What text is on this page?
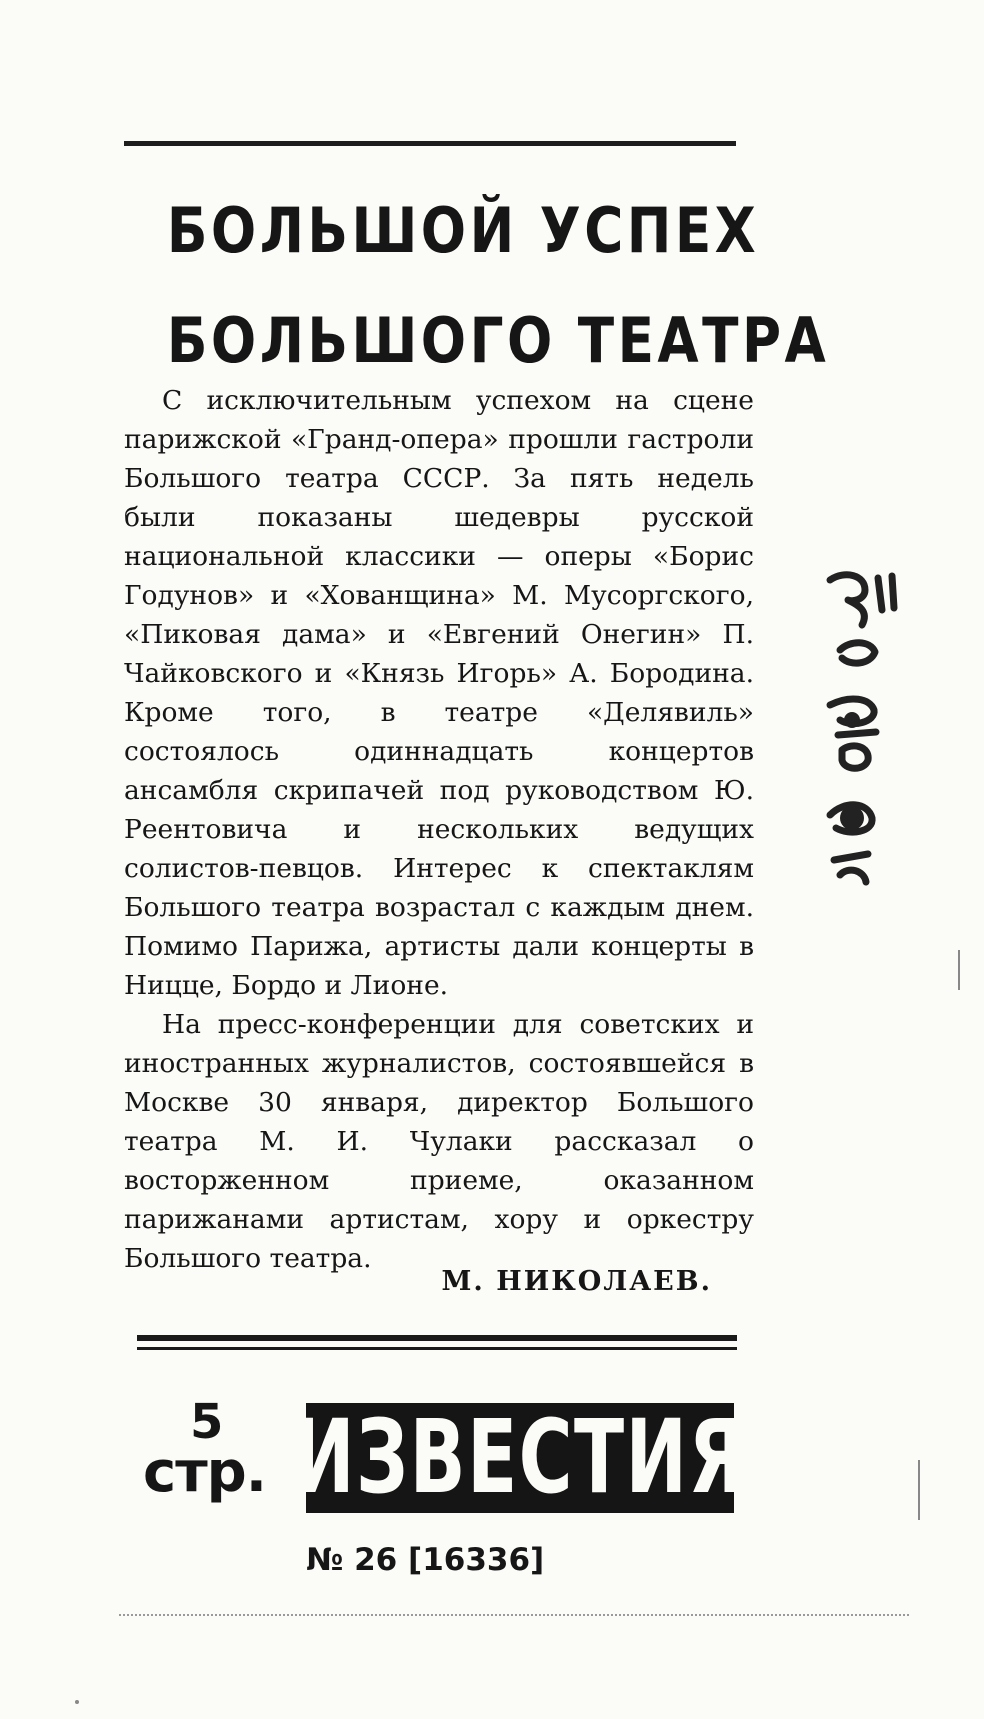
БОЛЬШОЙ УСПЕХ
БОЛЬШОГО ТЕАТРА

С исключительным успехом на сцене парижской «Гранд-опера» прошли гастроли Большого театра СССР. За пять недель были показаны шедевры русской национальной классики — оперы «Борис Годунов» и «Хованщина» М. Мусоргского, «Пиковая дама» и «Евгений Онегин» П. Чайковского и «Князь Игорь» А. Бородина. Кроме того, в театре «Делявиль» состоялось одиннадцать концертов ансамбля скрипачей под руководством Ю. Реентовича и нескольких ведущих солистов-певцов. Интерес к спектаклям Большого театра возрастал с каждым днем. Помимо Парижа, артисты дали концерты в Ницце, Бордо и Лионе.

На пресс-конференции для советских и иностранных журналистов, состоявшейся в Москве 30 января, директор Большого театра М. И. Чулаки рассказал о восторженном приеме, оказанном парижанами артистам, хору и оркестру Большого театра.

М. НИКОЛАЕВ.
5
стр. ИЗВЕСТИЯ
№ 26 [16336]
